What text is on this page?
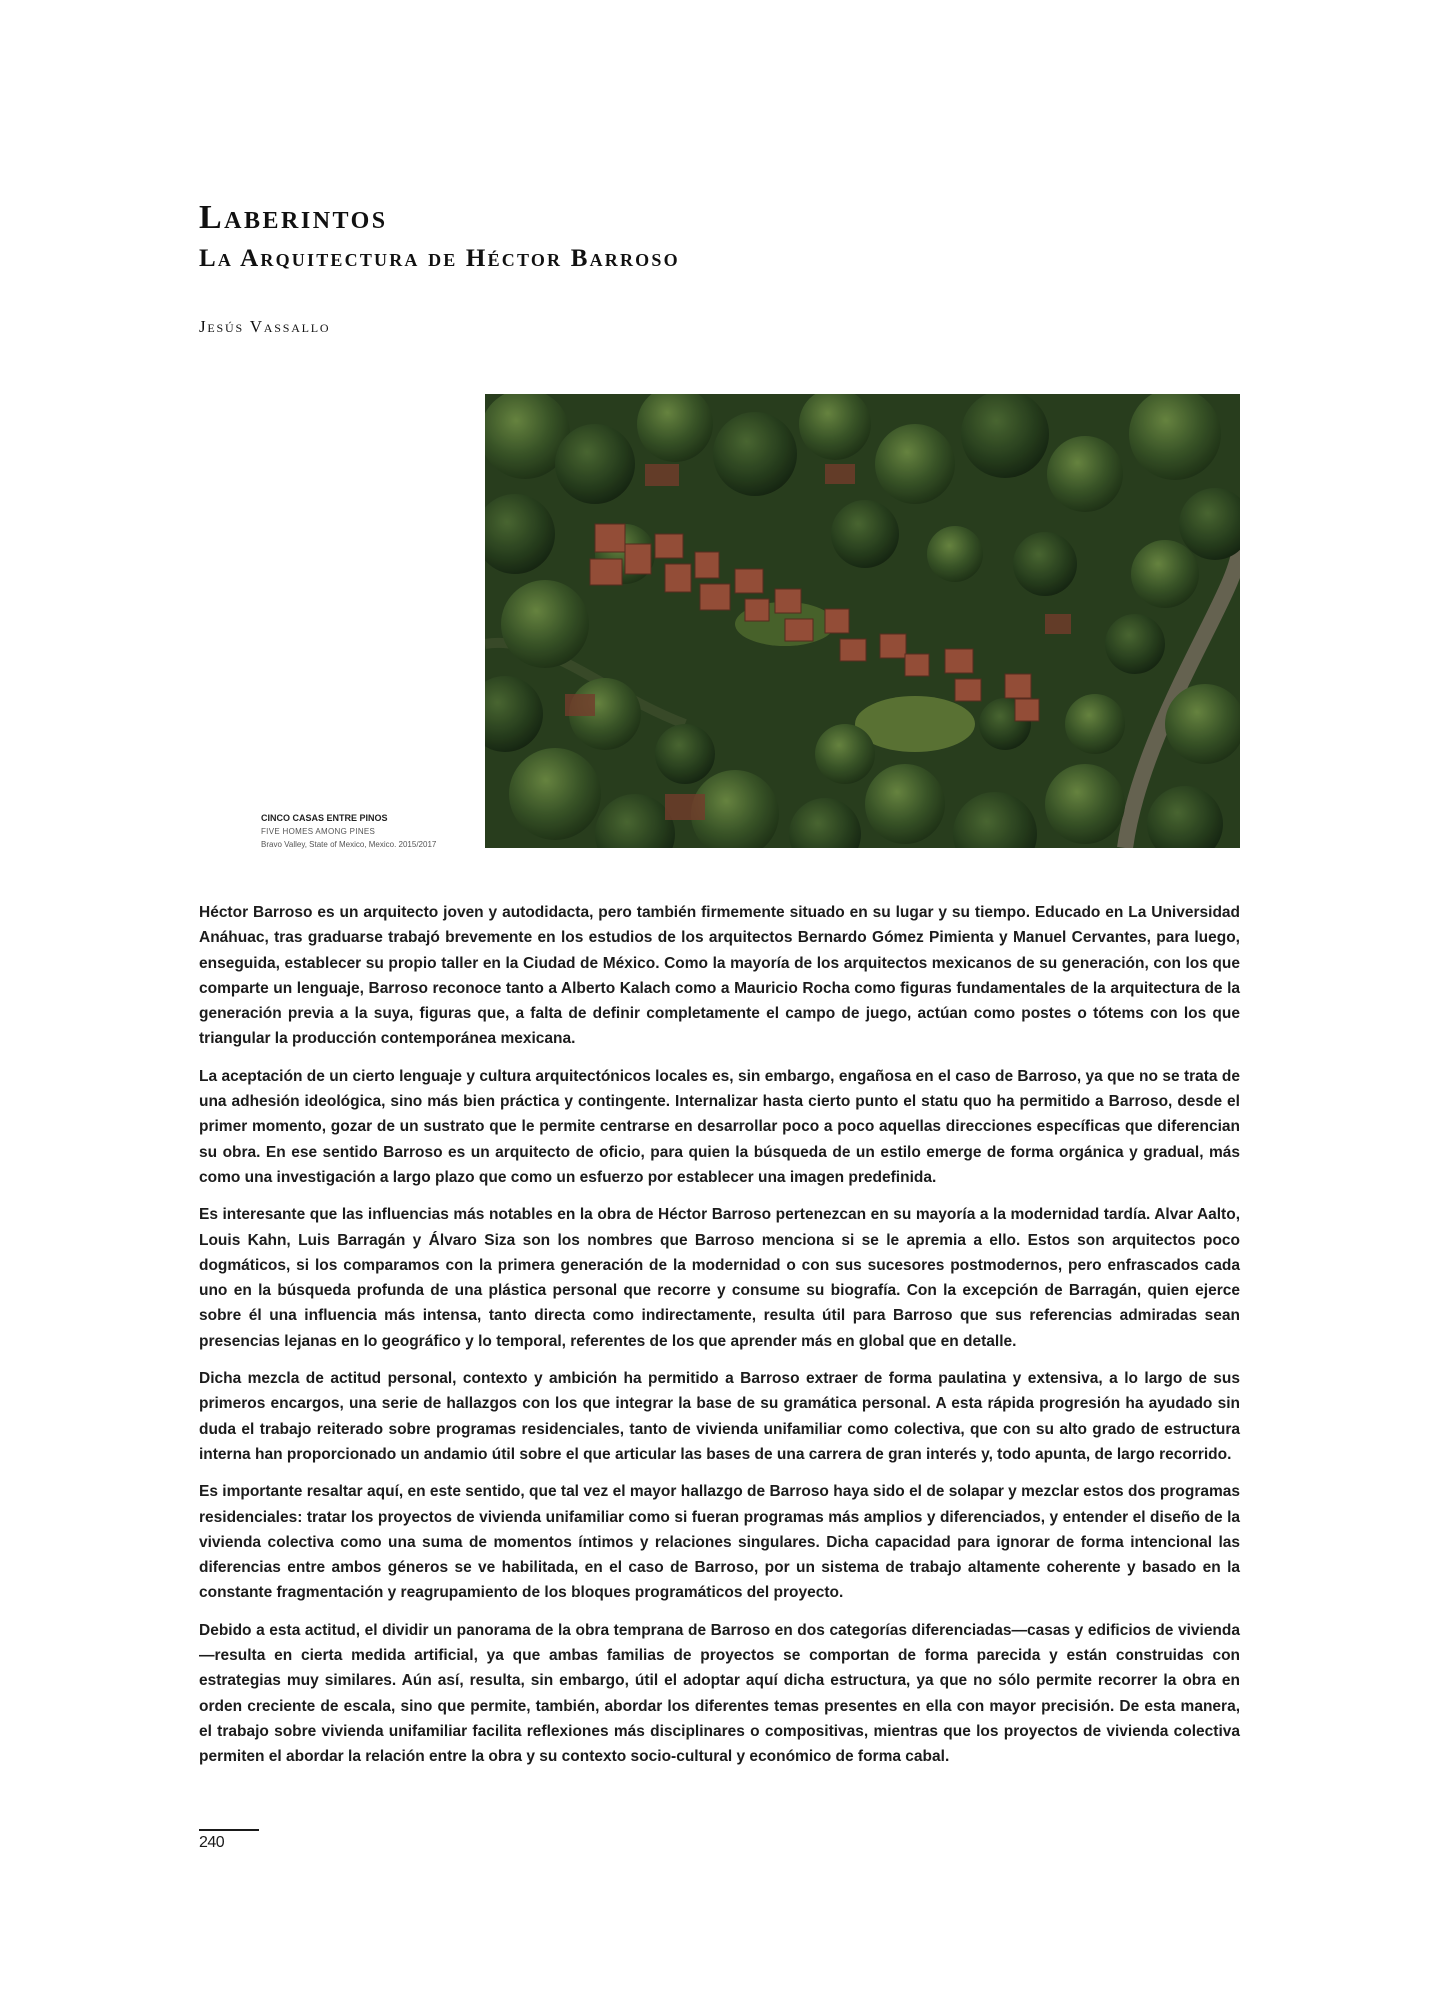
Laberintos
La Arquitectura de Héctor Barroso
Jesús Vassallo
CINCO CASAS ENTRE PINOS
FIVE HOMES AMONG PINES
Bravo Valley, State of Mexico, Mexico. 2015/2017

Héctor Barroso es un arquitecto joven y autodidacta, pero también firmemente situado en su lugar y su tiempo. Educado en La Universidad Anáhuac, tras graduarse trabajó brevemente en los estudios de los arquitectos Bernardo Gómez Pimienta y Manuel Cervantes, para luego, enseguida, establecer su propio taller en la Ciudad de México. Como la mayoría de los arquitectos mexicanos de su generación, con los que comparte un lenguaje, Barroso reconoce tanto a Alberto Kalach como a Mauricio Rocha como figuras fundamentales de la arquitectura de la generación previa a la suya, figuras que, a falta de definir completamente el campo de juego, actúan como postes o tótems con los que triangular la producción contemporánea mexicana.

La aceptación de un cierto lenguaje y cultura arquitectónicos locales es, sin embargo, engañosa en el caso de Barroso, ya que no se trata de una adhesión ideológica, sino más bien práctica y contingente. Internalizar hasta cierto punto el statu quo ha permitido a Barroso, desde el primer momento, gozar de un sustrato que le permite centrarse en desarrollar poco a poco aquellas direcciones específicas que diferencian su obra. En ese sentido Barroso es un arquitecto de oficio, para quien la búsqueda de un estilo emerge de forma orgánica y gradual, más como una investigación a largo plazo que como un esfuerzo por establecer una imagen predefinida.

Es interesante que las influencias más notables en la obra de Héctor Barroso pertenezcan en su mayoría a la modernidad tardía. Alvar Aalto, Louis Kahn, Luis Barragán y Álvaro Siza son los nombres que Barroso menciona si se le apremia a ello. Estos son arquitectos poco dogmáticos, si los comparamos con la primera generación de la modernidad o con sus sucesores postmodernos, pero enfrascados cada uno en la búsqueda profunda de una plástica personal que recorre y consume su biografía. Con la excepción de Barragán, quien ejerce sobre él una influencia más intensa, tanto directa como indirectamente, resulta útil para Barroso que sus referencias admiradas sean presencias lejanas en lo geográfico y lo temporal, referentes de los que aprender más en global que en detalle.

Dicha mezcla de actitud personal, contexto y ambición ha permitido a Barroso extraer de forma paulatina y extensiva, a lo largo de sus primeros encargos, una serie de hallazgos con los que integrar la base de su gramática personal. A esta rápida progresión ha ayudado sin duda el trabajo reiterado sobre programas residenciales, tanto de vivienda unifamiliar como colectiva, que con su alto grado de estructura interna han proporcionado un andamio útil sobre el que articular las bases de una carrera de gran interés y, todo apunta, de largo recorrido.

Es importante resaltar aquí, en este sentido, que tal vez el mayor hallazgo de Barroso haya sido el de solapar y mezclar estos dos programas residenciales: tratar los proyectos de vivienda unifamiliar como si fueran programas más amplios y diferenciados, y entender el diseño de la vivienda colectiva como una suma de momentos íntimos y relaciones singulares. Dicha capacidad para ignorar de forma intencional las diferencias entre ambos géneros se ve habilitada, en el caso de Barroso, por un sistema de trabajo altamente coherente y basado en la constante fragmentación y reagrupamiento de los bloques programáticos del proyecto.

Debido a esta actitud, el dividir un panorama de la obra temprana de Barroso en dos categorías diferenciadas—casas y edificios de vivienda—resulta en cierta medida artificial, ya que ambas familias de proyectos se comportan de forma parecida y están construidas con estrategias muy similares. Aún así, resulta, sin embargo, útil el adoptar aquí dicha estructura, ya que no sólo permite recorrer la obra en orden creciente de escala, sino que permite, también, abordar los diferentes temas presentes en ella con mayor precisión. De esta manera, el trabajo sobre vivienda unifamiliar facilita reflexiones más disciplinares o compositivas, mientras que los proyectos de vivienda colectiva permiten el abordar la relación entre la obra y su contexto socio-cultural y económico de forma cabal.

240
